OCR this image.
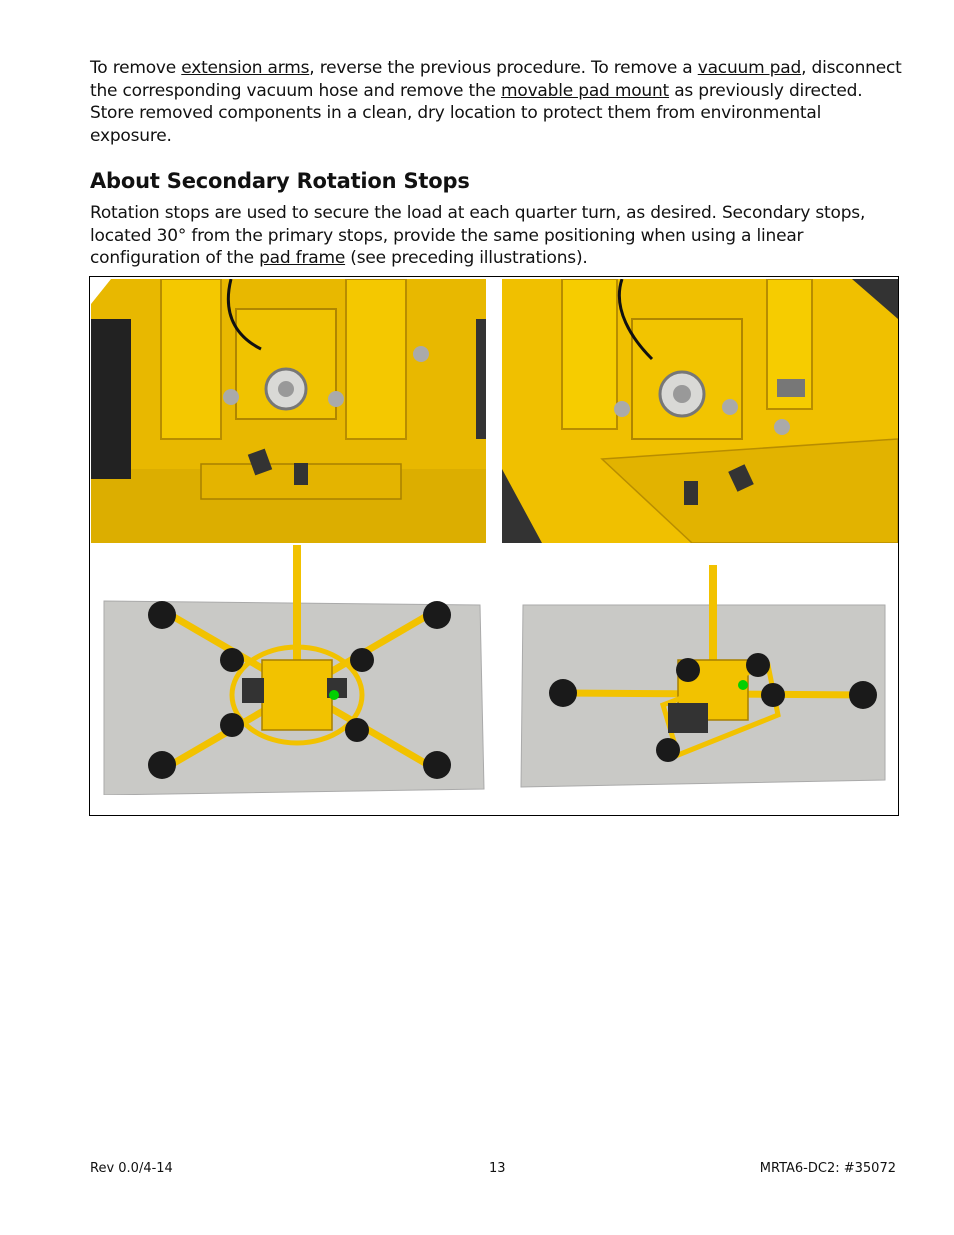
To remove extension arms, reverse the previous procedure. To remove a vacuum pad, disconnect the corresponding vacuum hose and remove the movable pad mount as previously directed. Store removed components in a clean, dry location to protect them from environmental exposure.
About Secondary Rotation Stops
Rotation stops are used to secure the load at each quarter turn, as desired. Secondary stops, located 30° from the primary stops, provide the same positioning when using a linear configuration of the pad frame (see preceding illustrations).
Rev 0.0/4-14	13	MRTA6-DC2: #35072
